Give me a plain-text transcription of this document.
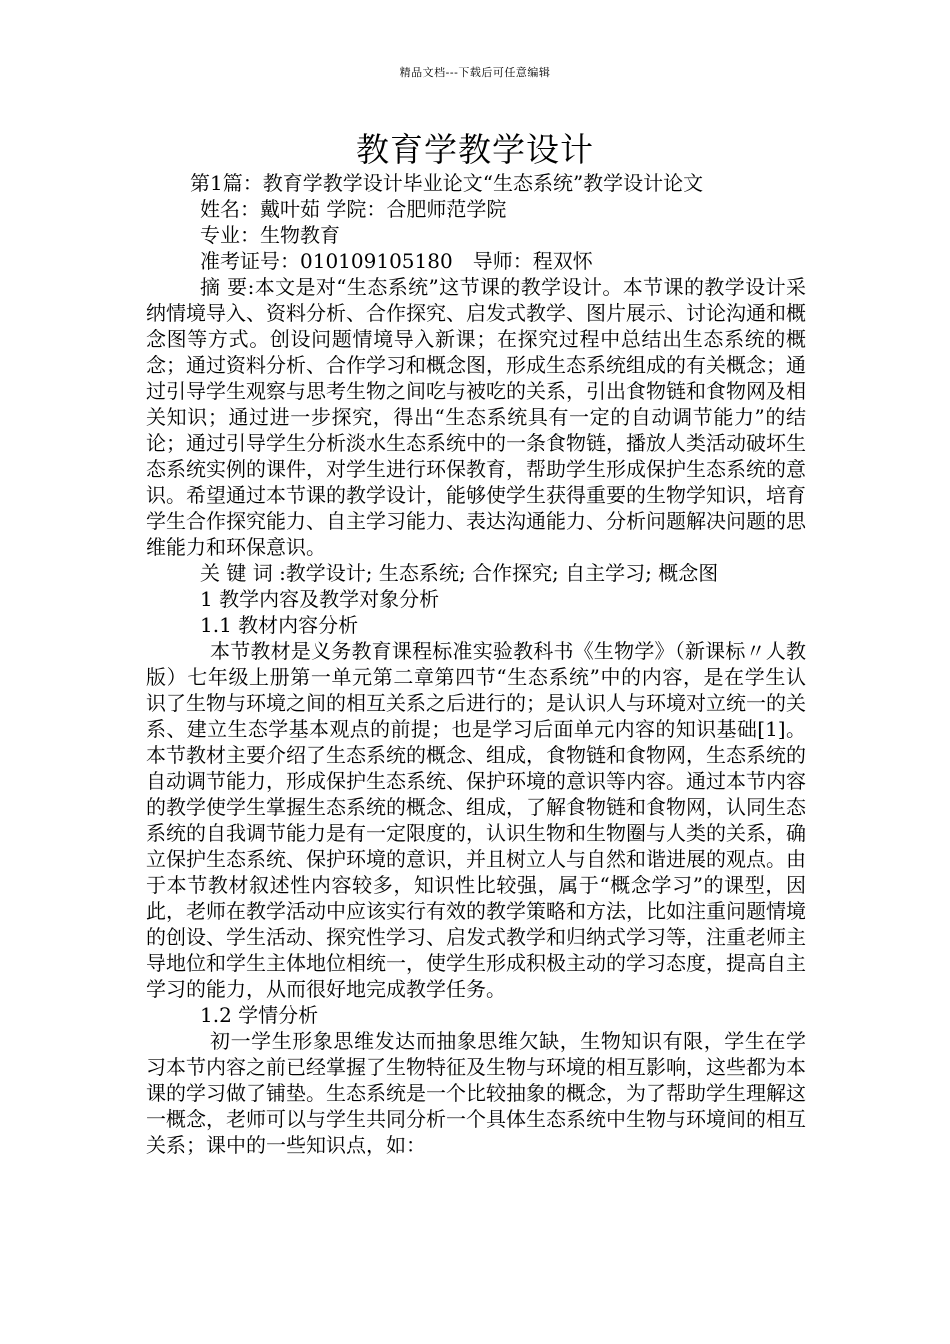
精品文档---下载后可任意编辑
教育学教学设计

第1篇：教育学教学设计毕业论文“生态系统”教学设计论文

姓名：戴叶茹 学院：合肥师范学院

专业：生物教育

准考证号：010109105180　导师：程双怀

摘 要:本文是对“生态系统”这节课的教学设计。本节课的教学设计采纳情境导入、资料分析、合作探究、启发式教学、图片展示、讨论沟通和概念图等方式。创设问题情境导入新课；在探究过程中总结出生态系统的概念；通过资料分析、合作学习和概念图，形成生态系统组成的有关概念；通过引导学生观察与思考生物之间吃与被吃的关系，引出食物链和食物网及相关知识；通过进一步探究，得出“生态系统具有一定的自动调节能力”的结论；通过引导学生分析淡水生态系统中的一条食物链，播放人类活动破坏生态系统实例的课件，对学生进行环保教育，帮助学生形成保护生态系统的意识。希望通过本节课的教学设计，能够使学生获得重要的生物学知识，培育学生合作探究能力、自主学习能力、表达沟通能力、分析问题解决问题的思维能力和环保意识。

关 键 词 :教学设计; 生态系统; 合作探究; 自主学习; 概念图

1 教学内容及教学对象分析

1.1 教材内容分析

本节教材是义务教育课程标准实验教科书《生物学》（新课标〃人教版）七年级上册第一单元第二章第四节“生态系统”中的内容，是在学生认识了生物与环境之间的相互关系之后进行的；是认识人与环境对立统一的关系、建立生态学基本观点的前提；也是学习后面单元内容的知识基础[1]。本节教材主要介绍了生态系统的概念、组成，食物链和食物网，生态系统的自动调节能力，形成保护生态系统、保护环境的意识等内容。通过本节内容的教学使学生掌握生态系统的概念、组成，了解食物链和食物网，认同生态系统的自我调节能力是有一定限度的，认识生物和生物圈与人类的关系，确立保护生态系统、保护环境的意识，并且树立人与自然和谐进展的观点。由于本节教材叙述性内容较多，知识性比较强，属于“概念学习”的课型，因此，老师在教学活动中应该实行有效的教学策略和方法，比如注重问题情境的创设、学生活动、探究性学习、启发式教学和归纳式学习等，注重老师主导地位和学生主体地位相统一，使学生形成积极主动的学习态度，提高自主学习的能力，从而很好地完成教学任务。

1.2 学情分析

初一学生形象思维发达而抽象思维欠缺，生物知识有限，学生在学习本节内容之前已经掌握了生物特征及生物与环境的相互影响，这些都为本课的学习做了铺垫。生态系统是一个比较抽象的概念，为了帮助学生理解这一概念，老师可以与学生共同分析一个具体生态系统中生物与环境间的相互关系；课中的一些知识点，如：
